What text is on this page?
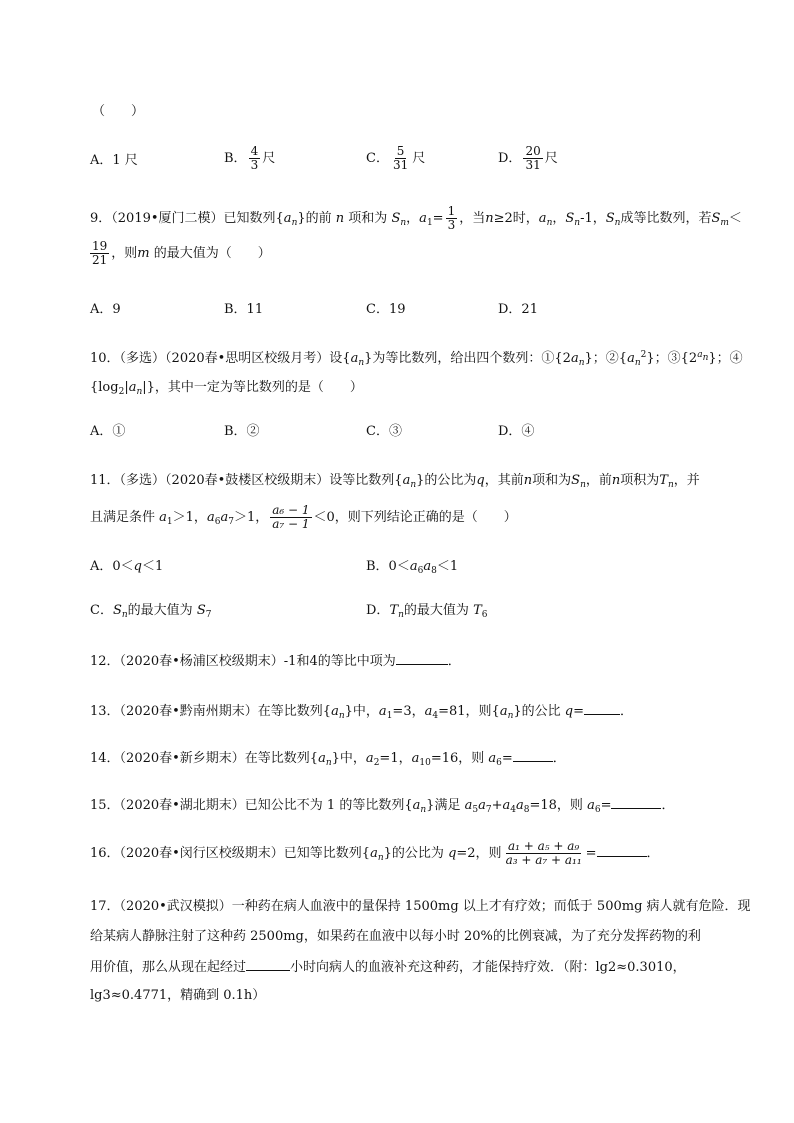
（　　）
A．1 尺	B． $\frac{4}{3}$ 尺	C． $\frac{5}{31}$ 尺	D． $\frac{20}{31}$ 尺
9．（2019•厦门二模）已知数列$\{a_n\}$的前 n 项和为 $S_n$，$a_1= \frac{1}{3}$ ，当n≥2时，$a_n$，$S_n-1$，$S_n$成等比数列，若$S_m<$
$\frac{19}{21}$ ，则m 的最大值为（　　）
A．9	B．11	C．19	D．21
10．（多选）（2020春•思明区校级月考）设$\{a_n\}$为等比数列，给出四个数列：$①\{2a_n\}$；$②\{a_n^2\}$；$③\{2^{a_n}\}$；④
$\{\log_2|a_n|\}$，其中一定为等比数列的是（　　）
A．①	B．②	C．③	D．④
11．（多选）（2020春•鼓楼区校级期末）设等比数列$\{a_n\}$的公比为q，其前n项和为$S_n$，前n项积为$T_n$，并
且满足条件 $a_1>1$，$a_6a_7>1$， $\frac{\text{a₆ − 1}}{\text{a₇ − 1}} <0$，则下列结论正确的是（　　）
A．0＜q＜1	B．$0<a_6a_8<1$
C．$S_n$的最大值为 $S_7$	D．$T_n$的最大值为 $T_6$
12．（2020春•杨浦区校级期末）-1和4的等比中项为	．
13．（2020春•黔南州期末）在等比数列$\{a_n\}$中，$a_1=3$，$a_4=81$，则$\{a_n\}$的公比 q=	．
14．（2020春•新乡期末）在等比数列$\{a_n\}$中，$a_2=1$，$a_{10}=16$，则 $a_6=$	．
15．（2020春•湖北期末）已知公比不为 1 的等比数列$\{a_n\}$满足 $a_5a_7+a_4a_8=18$，则 $a_6=$	．
16．（2020春•闵行区校级期末）已知等比数列$\{a_n\}$的公比为 q=2，则 $\frac{\text{a₁ + a₅ + a₉}}{\text{a₃ + a₇ + a₁₁}}$ =	．
17．（2020•武汉模拟）一种药在病人血液中的量保持 1500mg 以上才有疗效；而低于 500mg 病人就有危险．现
给某病人静脉注射了这种药 2500mg，如果药在血液中以每小时 20%的比例衰减，为了充分发挥药物的利
用价值，那么从现在起经过	小时向病人的血液补充这种药，才能保持疗效．（附：lg2≈0.3010，
lg3≈0.4771，精确到 0.1h）
